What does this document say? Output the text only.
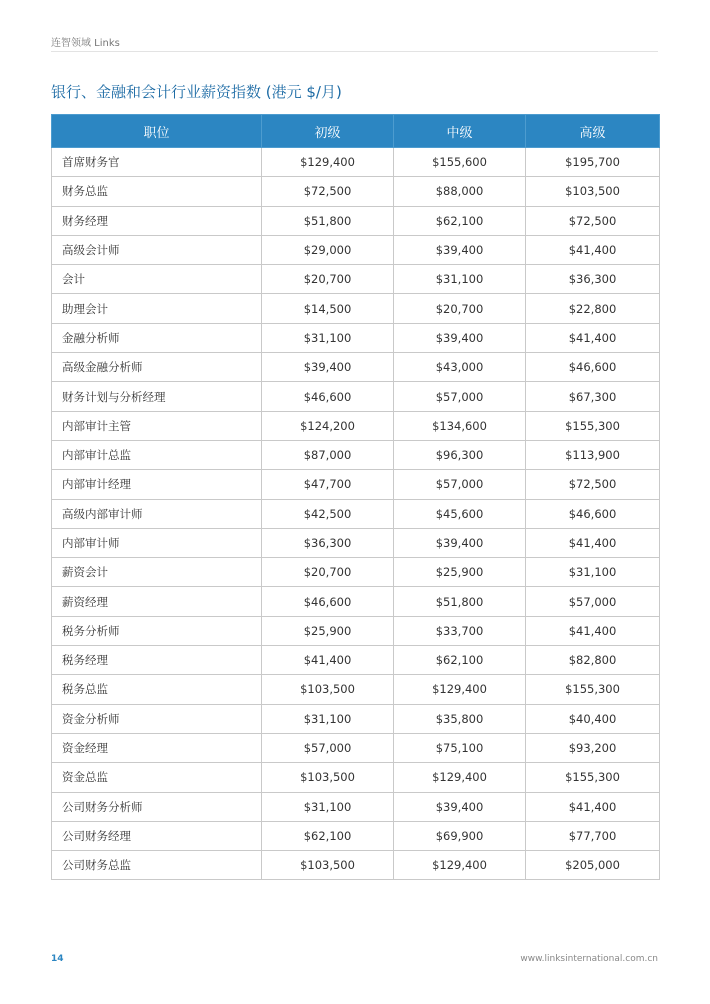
连智领域 Links
银行、金融和会计行业薪资指数 (港元 $/月)
职位	初级	中级	高级
首席财务官	$129,400	$155,600	$195,700
财务总监	$72,500	$88,000	$103,500
财务经理	$51,800	$62,100	$72,500
高级会计师	$29,000	$39,400	$41,400
会计	$20,700	$31,100	$36,300
助理会计	$14,500	$20,700	$22,800
金融分析师	$31,100	$39,400	$41,400
高级金融分析师	$39,400	$43,000	$46,600
财务计划与分析经理	$46,600	$57,000	$67,300
内部审计主管	$124,200	$134,600	$155,300
内部审计总监	$87,000	$96,300	$113,900
内部审计经理	$47,700	$57,000	$72,500
高级内部审计师	$42,500	$45,600	$46,600
内部审计师	$36,300	$39,400	$41,400
薪资会计	$20,700	$25,900	$31,100
薪资经理	$46,600	$51,800	$57,000
税务分析师	$25,900	$33,700	$41,400
税务经理	$41,400	$62,100	$82,800
税务总监	$103,500	$129,400	$155,300
资金分析师	$31,100	$35,800	$40,400
资金经理	$57,000	$75,100	$93,200
资金总监	$103,500	$129,400	$155,300
公司财务分析师	$31,100	$39,400	$41,400
公司财务经理	$62,100	$69,900	$77,700
公司财务总监	$103,500	$129,400	$205,000
14	www.linksinternational.com.cn
